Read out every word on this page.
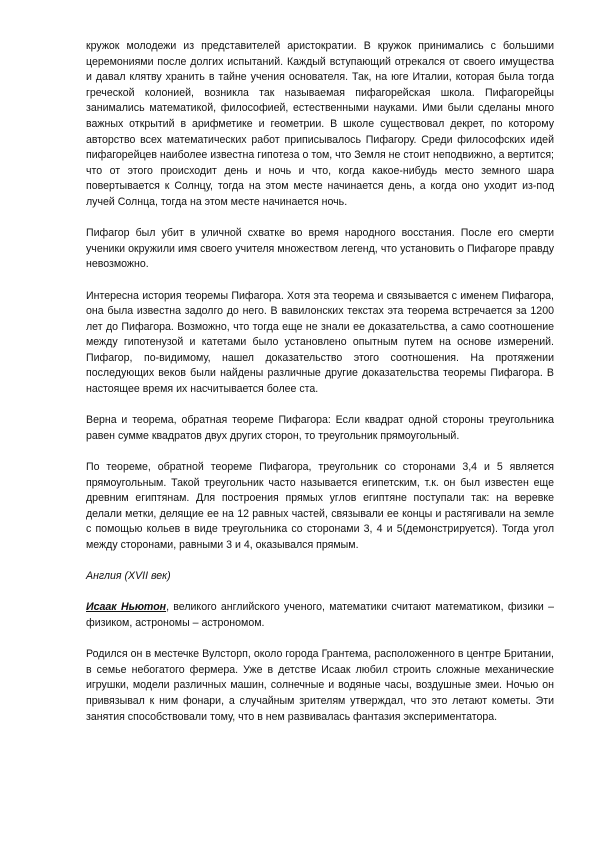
кружок молодежи из представителей аристократии. В кружок принимались с большими церемониями после долгих испытаний. Каждый вступающий отрекался от своего имущества и давал клятву хранить в тайне учения основателя. Так, на юге Италии, которая была тогда греческой колонией, возникла так называемая пифагорейская школа. Пифагорейцы занимались математикой, философией, естественными науками. Ими были сделаны много важных открытий в арифметике и геометрии. В школе существовал декрет, по которому авторство всех математических работ приписывалось Пифагору. Среди философских идей пифагорейцев наиболее известна гипотеза о том, что Земля не стоит неподвижно, а вертится; что от этого происходит день и ночь и что, когда какое-нибудь место земного шара повертывается к Солнцу, тогда на этом месте начинается день, а когда оно уходит из-под лучей Солнца, тогда на этом месте начинается ночь.

Пифагор был убит в уличной схватке во время народного восстания. После его смерти ученики окружили имя своего учителя множеством легенд, что установить о Пифагоре правду невозможно.

Интересна история теоремы Пифагора. Хотя эта теорема и связывается с именем Пифагора, она была известна задолго до него. В вавилонских текстах эта теорема встречается за 1200 лет до Пифагора. Возможно, что тогда еще не знали ее доказательства, а само соотношение между гипотенузой и катетами было установлено опытным путем на основе измерений. Пифагор, по-видимому, нашел доказательство этого соотношения. На протяжении последующих веков были найдены различные другие доказательства теоремы Пифагора. В настоящее время их насчитывается более ста.

Верна и теорема, обратная теореме Пифагора: Если квадрат одной стороны треугольника равен сумме квадратов двух других сторон, то треугольник прямоугольный.

По теореме, обратной теореме Пифагора, треугольник со сторонами 3,4 и 5 является прямоугольным. Такой треугольник часто называется египетским, т.к. он был известен еще древним египтянам. Для построения прямых углов египтяне поступали так: на веревке делали метки, делящие ее на 12 равных частей, связывали ее концы и растягивали на земле с помощью кольев в виде треугольника со сторонами 3, 4 и 5(демонстрируется). Тогда угол между сторонами, равными 3 и 4, оказывался прямым.

Англия (XVII век)

Исаак Ньютон, великого английского ученого, математики считают математиком, физики – физиком, астрономы – астрономом.

Родился он в местечке Вулсторп, около города Грантема, расположенного в центре Британии, в семье небогатого фермера. Уже в детстве Исаак любил строить сложные механические игрушки, модели различных машин, солнечные и водяные часы, воздушные змеи. Ночью он привязывал к ним фонари, а случайным зрителям утверждал, что это летают кометы. Эти занятия способствовали тому, что в нем развивалась фантазия экспериментатора.
